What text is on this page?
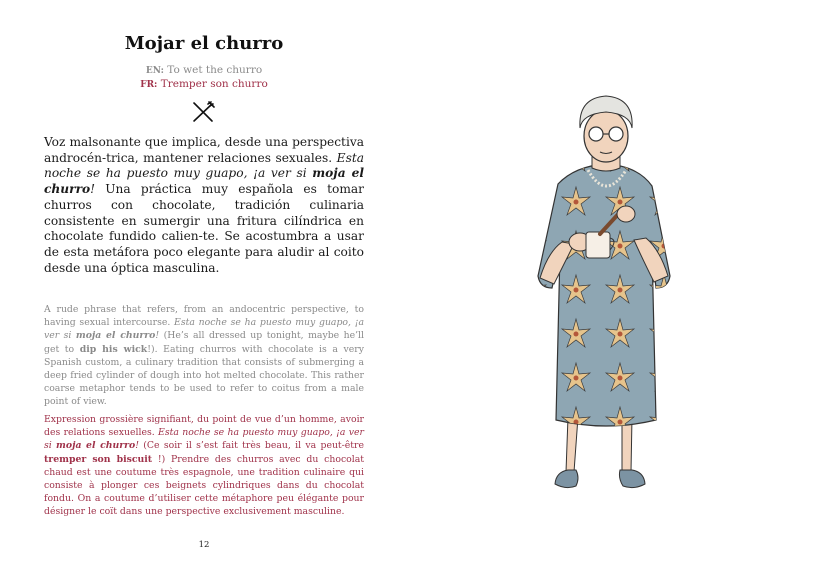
Mojar el churro
EN: To wet the churro
FR: Tremper son churro

Voz malsonante que implica, desde una perspectiva androcén-trica, mantener relaciones sexuales. Esta noche se ha puesto muy guapo, ¡a ver si moja el churro! Una práctica muy española es tomar churros con chocolate, tradición culinaria consistente en sumergir una fritura cilíndrica en chocolate fundido calien-te. Se acostumbra a usar de esta metáfora poco elegante para aludir al coito desde una óptica masculina.

A rude phrase that refers, from an andocentric perspective, to having sexual intercourse. Esta noche se ha puesto muy guapo, ¡a ver si moja el churro! (He’s all dressed up tonight, maybe he’ll get to dip his wick!). Eating churros with chocolate is a very Spanish custom, a culinary tradition that consists of submerging a deep fried cylinder of dough into hot melted chocolate. This rather coarse metaphor tends to be used to refer to coitus from a male point of view.

Expression grossière signifiant, du point de vue d’un homme, avoir des relations sexuelles. Esta noche se ha puesto muy guapo, ¡a ver si moja el churro! (Ce soir il s’est fait très beau, il va peut-être tremper son biscuit !) Prendre des churros avec du chocolat chaud est une coutume très espagnole, une tradition culinaire qui consiste à plonger ces beignets cylindriques dans du chocolat fondu. On a coutume d’utiliser cette métaphore peu élégante pour désigner le coït dans une perspective exclusivement masculine.

12
